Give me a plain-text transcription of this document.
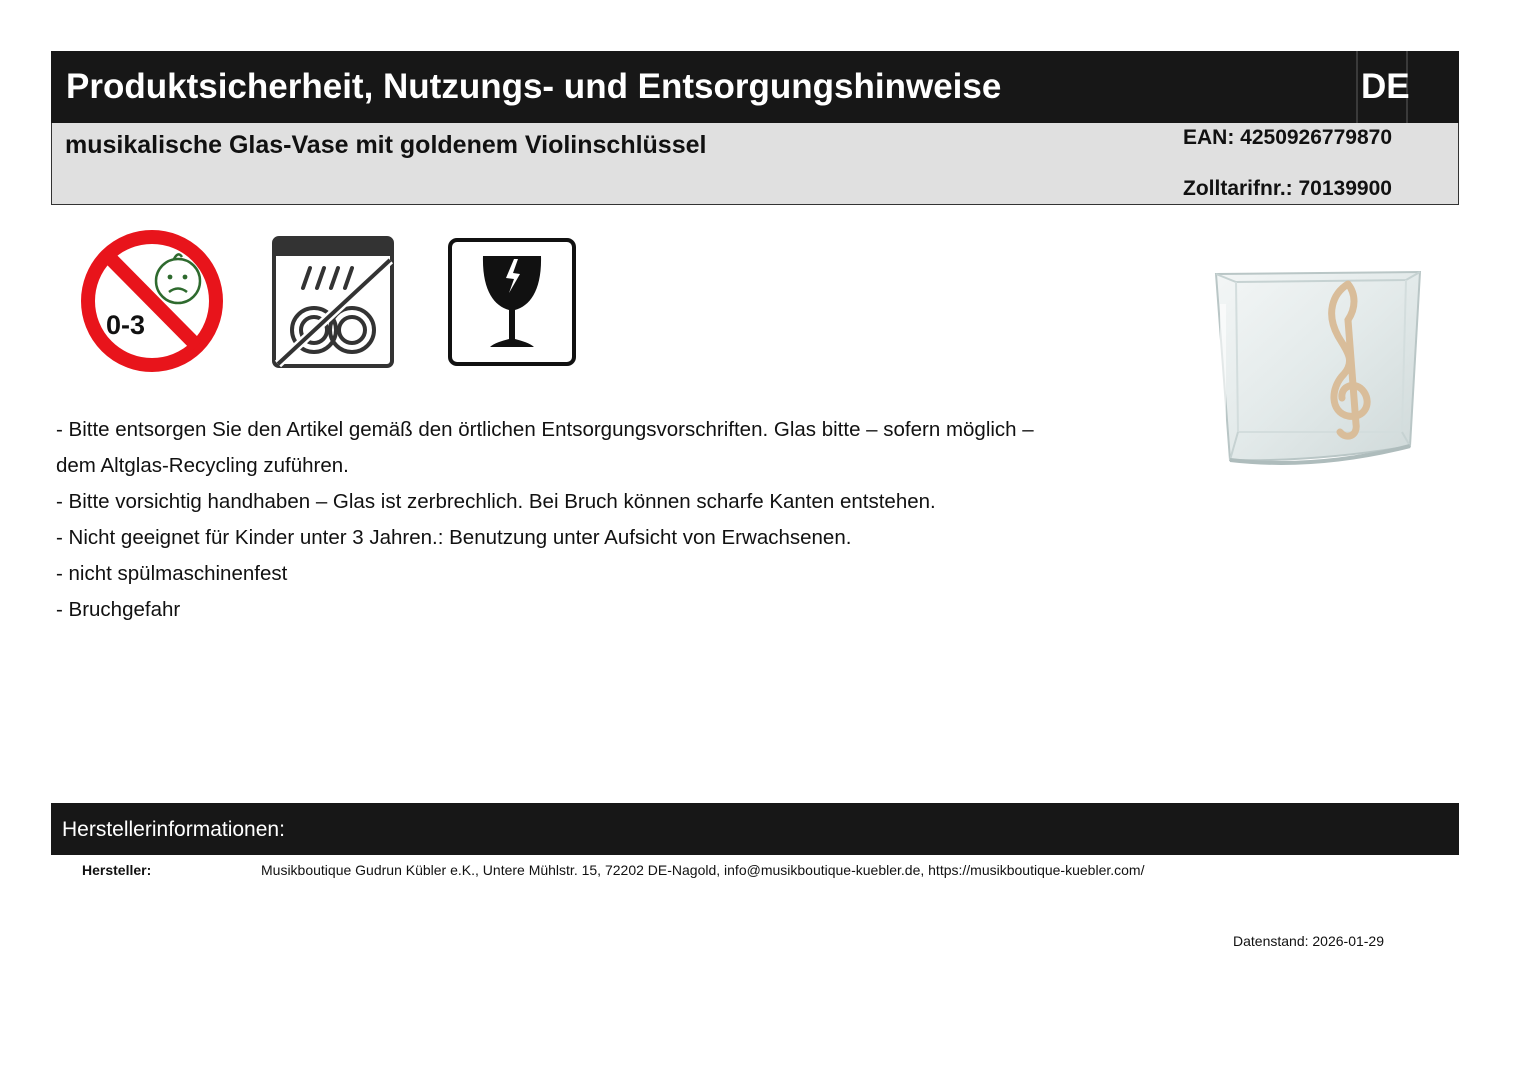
Produktsicherheit, Nutzungs- und Entsorgungshinweise	DE
musikalische Glas-Vase mit goldenem Violinschlüssel	EAN: 4250926779870
Zolltarifnr.: 70139900
0-3

- Bitte entsorgen Sie den Artikel gemäß den örtlichen Entsorgungsvorschriften. Glas bitte – sofern möglich – dem Altglas-Recycling zuführen.

- Bitte vorsichtig handhaben – Glas ist zerbrechlich. Bei Bruch können scharfe Kanten entstehen.

- Nicht geeignet für Kinder unter 3 Jahren.: Benutzung unter Aufsicht von Erwachsenen.

- nicht spülmaschinenfest

- Bruchgefahr

Herstellerinformationen:
Hersteller:	Musikboutique Gudrun Kübler e.K., Untere Mühlstr. 15, 72202 DE-Nagold, info@musikboutique-kuebler.de, https://musikboutique-kuebler.com/
Datenstand: 2026-01-29
